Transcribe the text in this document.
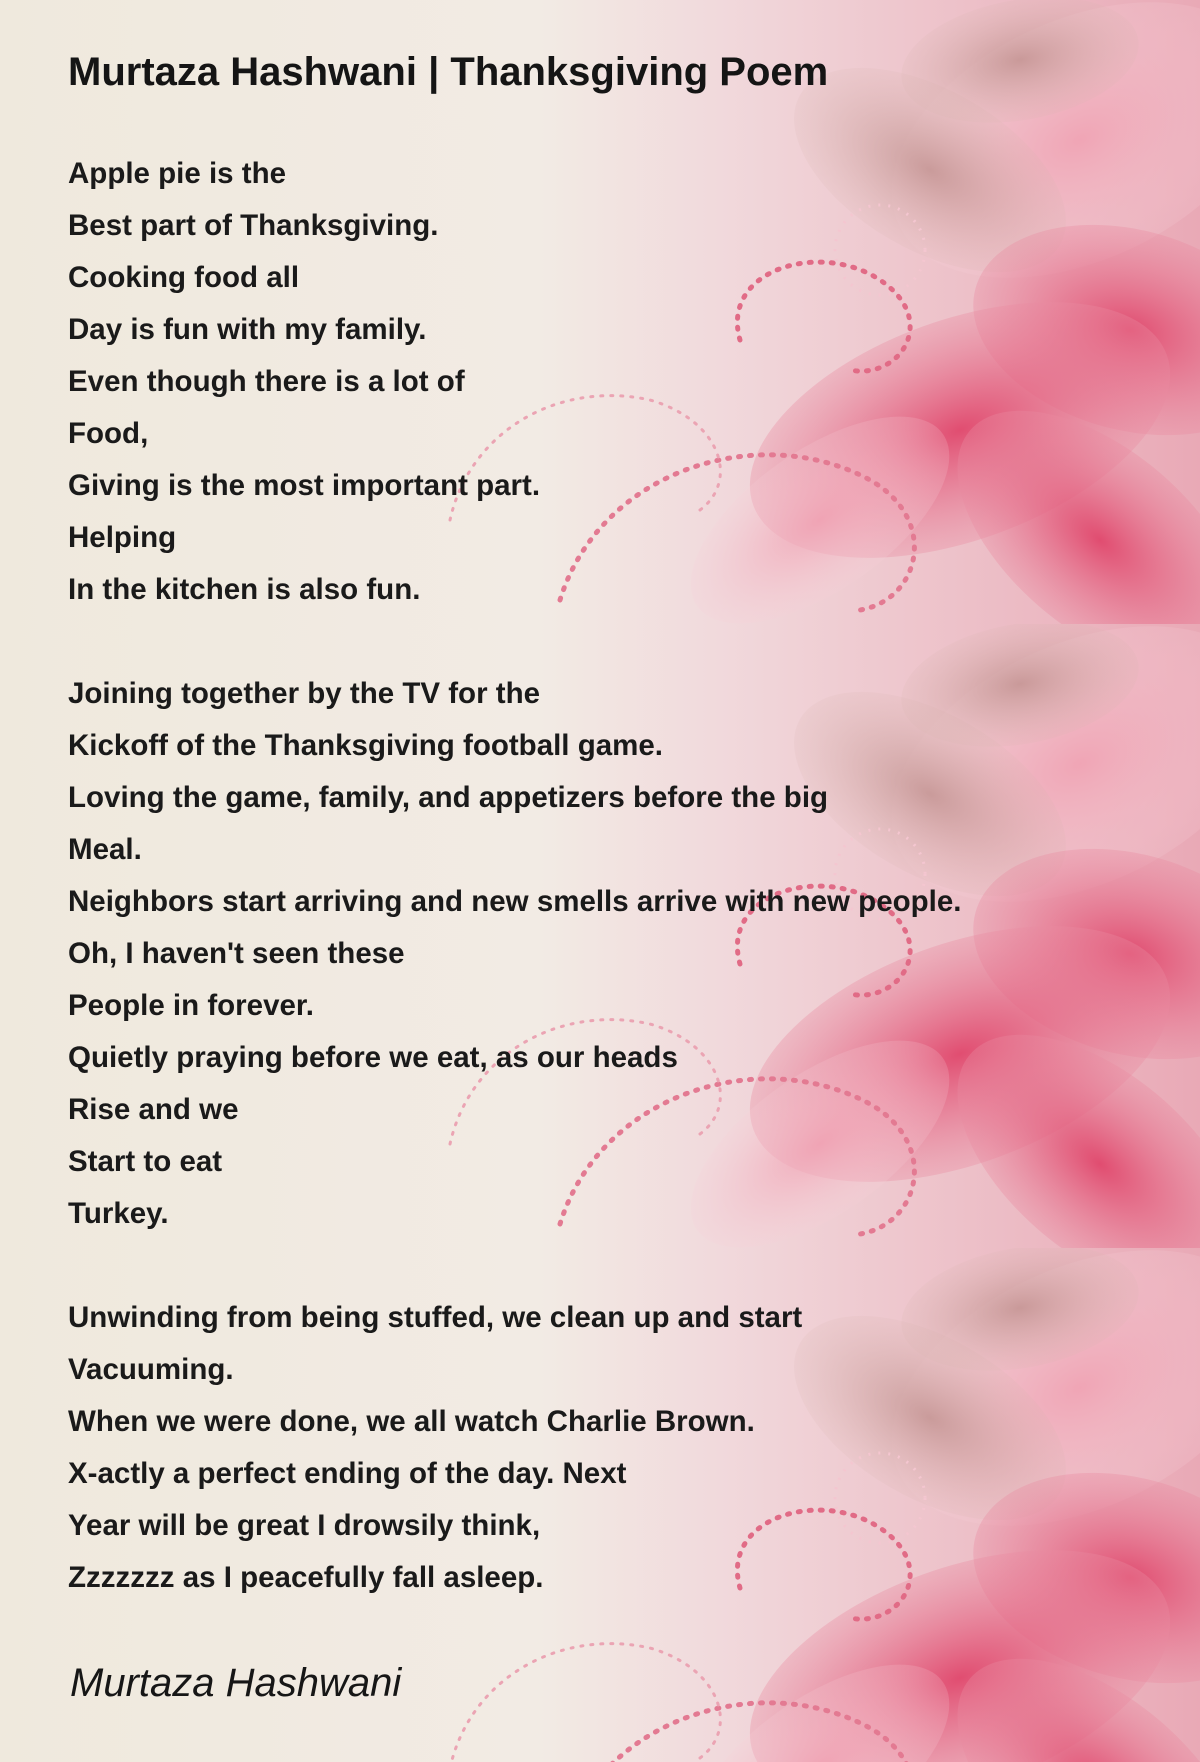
Murtaza Hashwani | Thanksgiving Poem

Apple pie is the

Best part of Thanksgiving.

Cooking food all

Day is fun with my family.

Even though there is a lot of

Food,

Giving is the most important part.

Helping

In the kitchen is also fun.

Joining together by the TV for the

Kickoff of the Thanksgiving football game.

Loving the game, family, and appetizers before the big

Meal.

Neighbors start arriving and new smells arrive with new people.

Oh, I haven't seen these

People in forever.

Quietly praying before we eat, as our heads

Rise and we

Start to eat

Turkey.

Unwinding from being stuffed, we clean up and start

Vacuuming.

When we were done, we all watch Charlie Brown.

X-actly a perfect ending of the day. Next

Year will be great I drowsily think,

Zzzzzzz as I peacefully fall asleep.

Murtaza Hashwani
